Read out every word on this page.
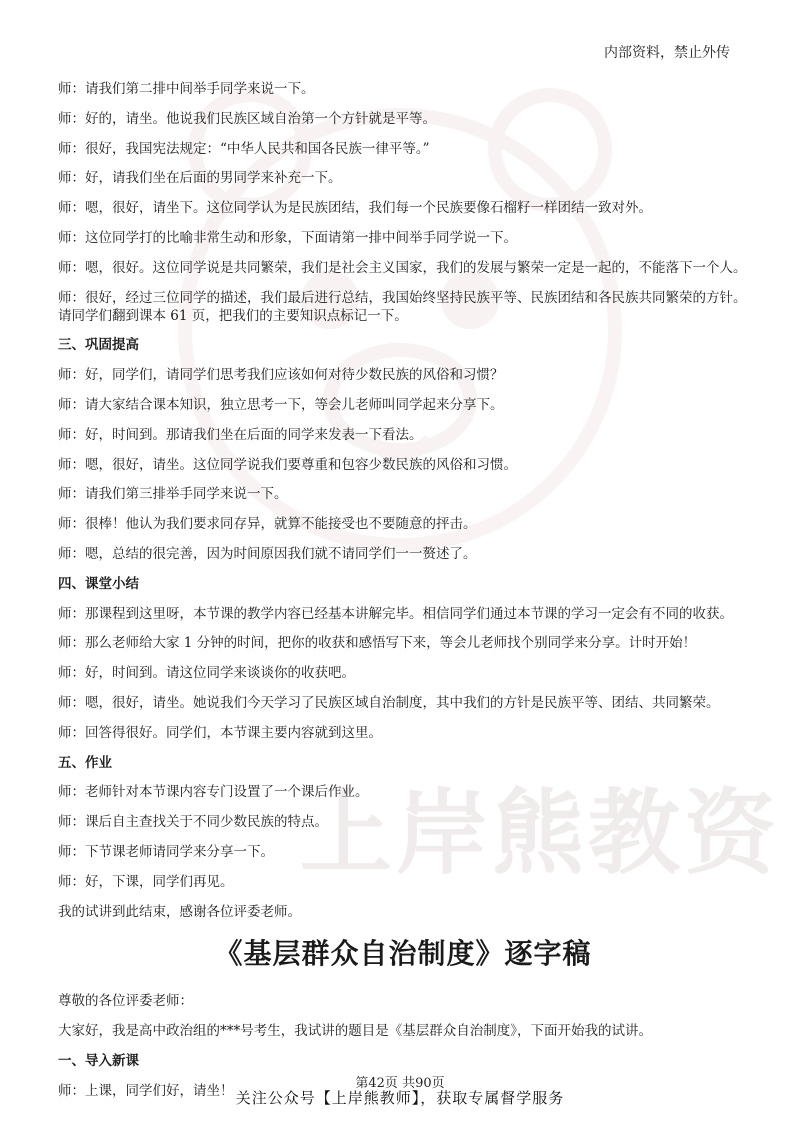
上岸熊教资
内部资料，禁止外传

师：请我们第二排中间举手同学来说一下。

师：好的，请坐。他说我们民族区域自治第一个方针就是平等。

师：很好，我国宪法规定：“中华人民共和国各民族一律平等。”

师：好，请我们坐在后面的男同学来补充一下。

师：嗯，很好，请坐下。这位同学认为是民族团结，我们每一个民族要像石榴籽一样团结一致对外。

师：这位同学打的比喻非常生动和形象，下面请第一排中间举手同学说一下。

师：嗯，很好。这位同学说是共同繁荣，我们是社会主义国家，我们的发展与繁荣一定是一起的，不能落下一个人。

师：很好，经过三位同学的描述，我们最后进行总结，我国始终坚持民族平等、民族团结和各民族共同繁荣的方针。请同学们翻到课本 61 页，把我们的主要知识点标记一下。

三、巩固提高

师：好，同学们，请同学们思考我们应该如何对待少数民族的风俗和习惯？

师：请大家结合课本知识，独立思考一下，等会儿老师叫同学起来分享下。

师：好，时间到。那请我们坐在后面的同学来发表一下看法。

师：嗯，很好，请坐。这位同学说我们要尊重和包容少数民族的风俗和习惯。

师：请我们第三排举手同学来说一下。

师：很棒！他认为我们要求同存异，就算不能接受也不要随意的抨击。

师：嗯，总结的很完善，因为时间原因我们就不请同学们一一赘述了。

四、课堂小结

师：那课程到这里呀，本节课的教学内容已经基本讲解完毕。相信同学们通过本节课的学习一定会有不同的收获。

师：那么老师给大家 1 分钟的时间，把你的收获和感悟写下来，等会儿老师找个别同学来分享。计时开始！

师：好，时间到。请这位同学来谈谈你的收获吧。

师：嗯，很好，请坐。她说我们今天学习了民族区域自治制度，其中我们的方针是民族平等、团结、共同繁荣。

师：回答得很好。同学们，本节课主要内容就到这里。

五、作业

师：老师针对本节课内容专门设置了一个课后作业。

师：课后自主查找关于不同少数民族的特点。

师：下节课老师请同学来分享一下。

师：好，下课，同学们再见。

我的试讲到此结束，感谢各位评委老师。

《基层群众自治制度》逐字稿

尊敬的各位评委老师：

大家好，我是高中政治组的***号考生，我试讲的题目是《基层群众自治制度》，下面开始我的试讲。

一、导入新课

师：上课，同学们好，请坐！	第42页 共90页
关注公众号【上岸熊教师】，获取专属督学服务
